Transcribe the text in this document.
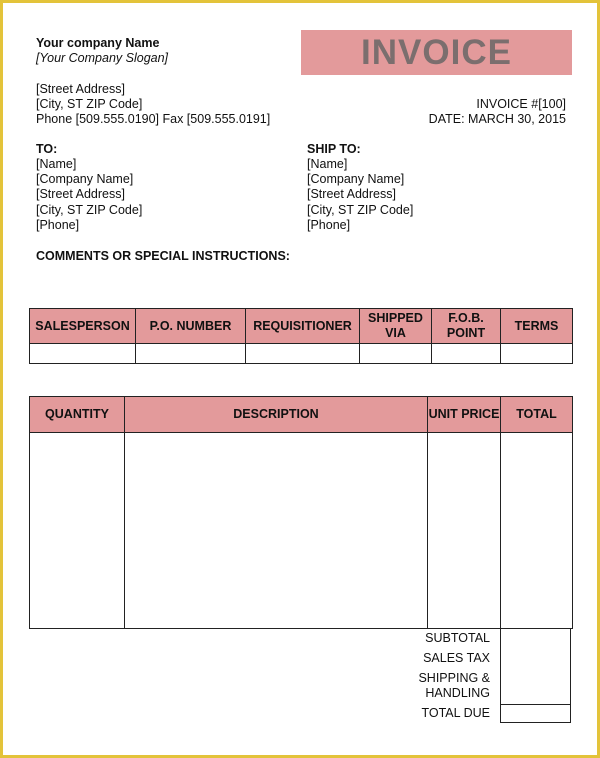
Your company Name
[Your Company Slogan]
[Street Address]
[City, ST ZIP Code]
Phone [509.555.0190] Fax [509.555.0191]
INVOICE
INVOICE #[100]
DATE: MARCH 30, 2015
TO:
[Name]
[Company Name]
[Street Address]
[City, ST ZIP Code]
[Phone]
SHIP TO:
[Name]
[Company Name]
[Street Address]
[City, ST ZIP Code]
[Phone]
COMMENTS OR SPECIAL INSTRUCTIONS:
SALESPERSON	P.O. NUMBER	REQUISITIONER	SHIPPED VIA	F.O.B. POINT	TERMS

QUANTITY	DESCRIPTION	UNIT PRICE	TOTAL

SUBTOTAL
SALES TAX
SHIPPING &
HANDLING
TOTAL DUE
